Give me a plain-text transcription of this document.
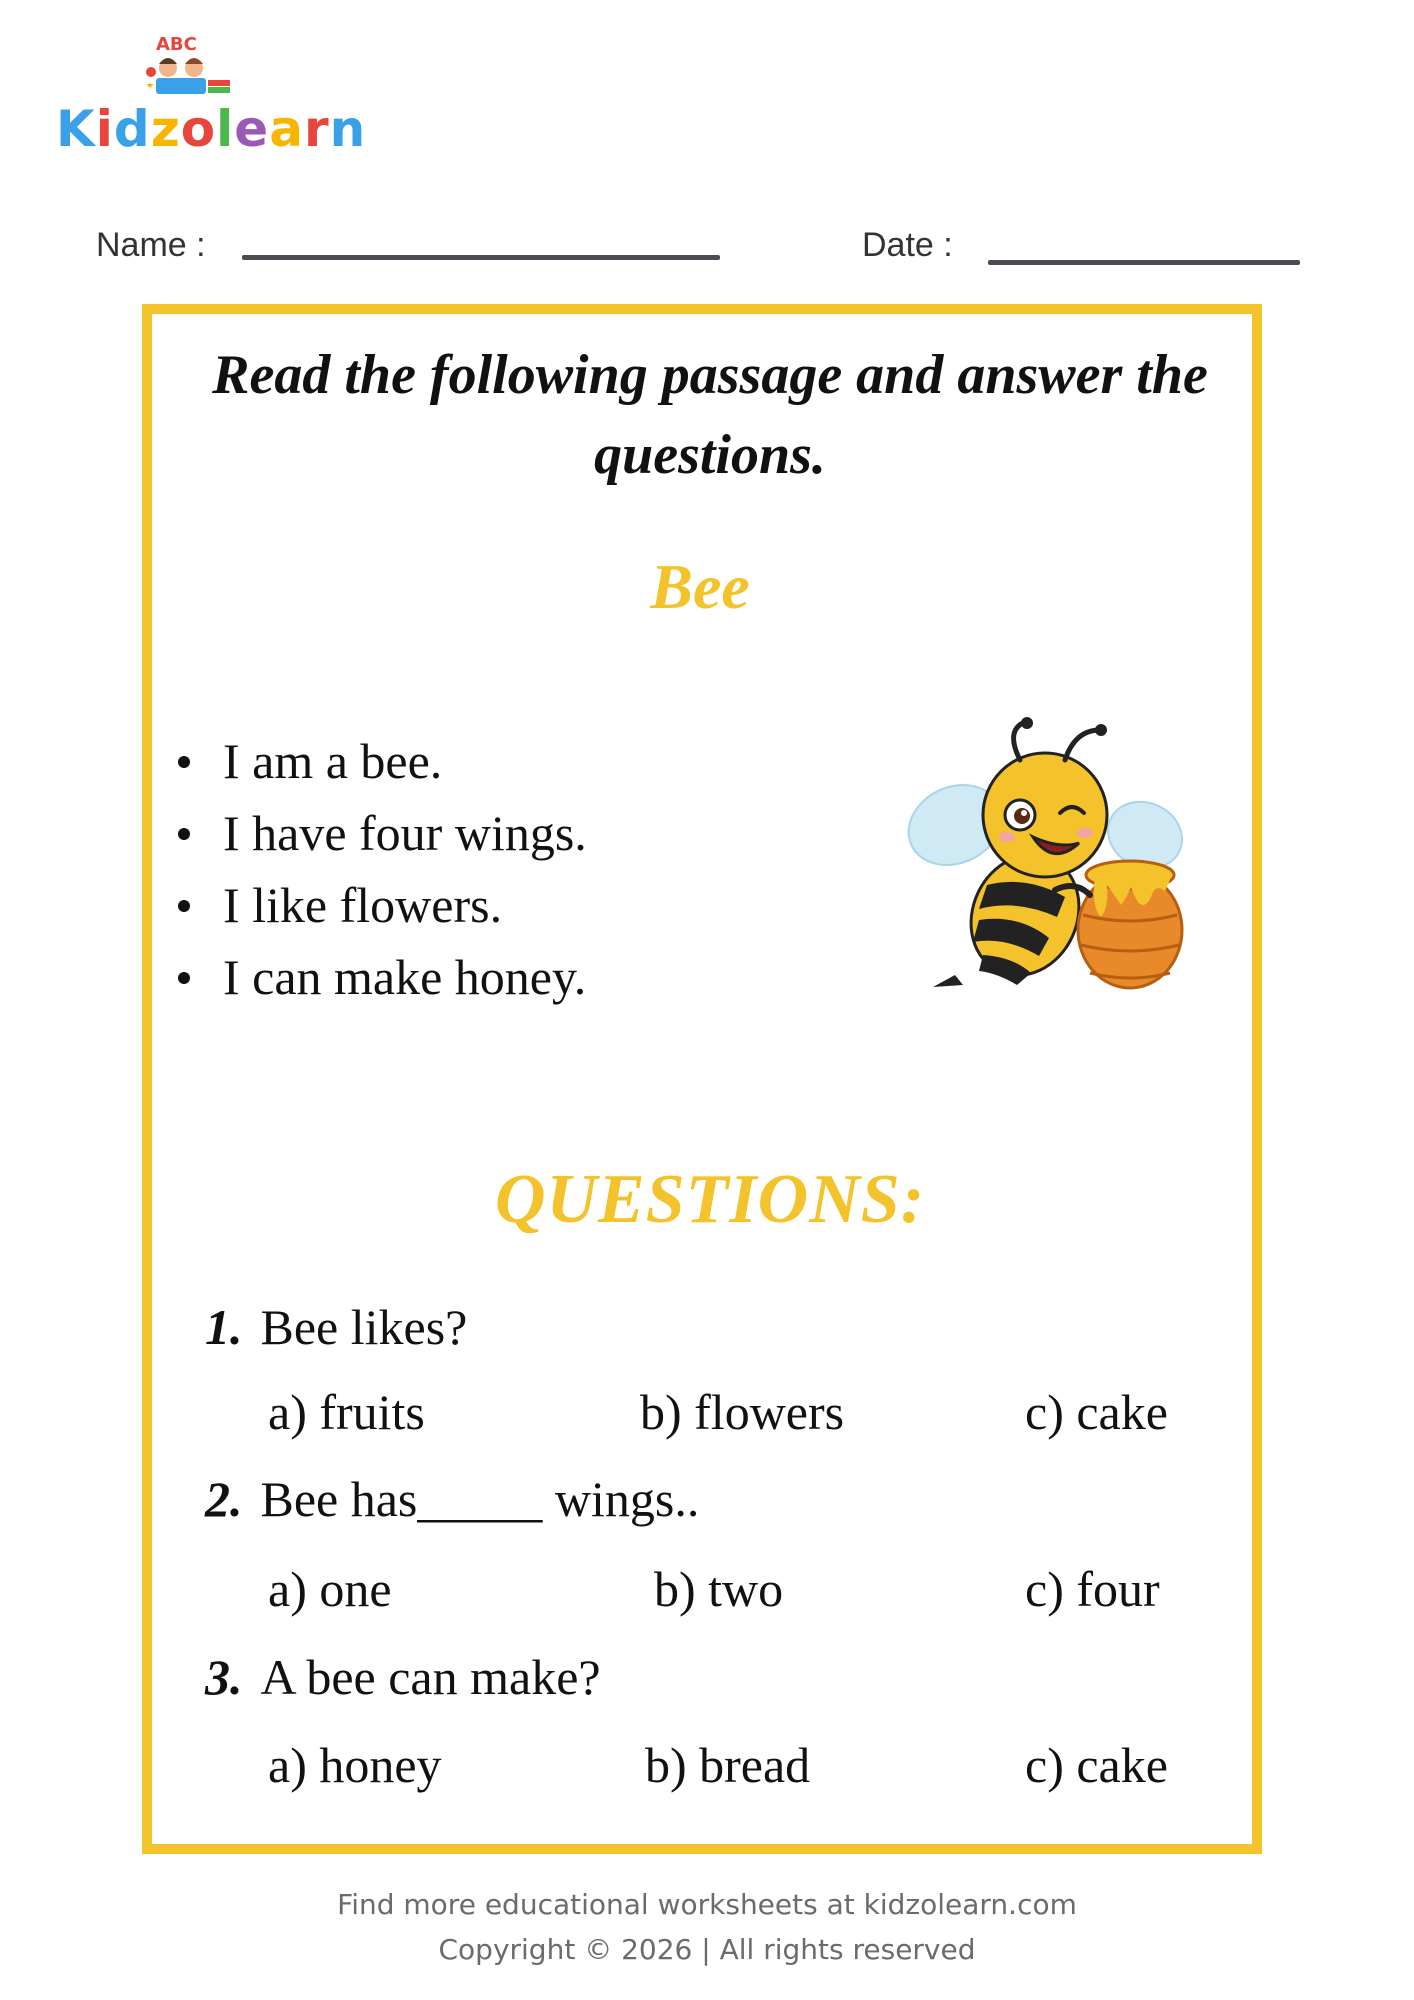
ABC
Kidzolearn
Name :	Date :
Read the following passage and answer the questions.
Bee
I am a bee.
I have four wings.
I like flowers.
I can make honey.
QUESTIONS:
1. Bee likes?
a) fruits	b) flowers	c) cake
2. Bee has_____ wings..
a) one	b) two	c) four
3. A bee can make?
a) honey	b) bread	c) cake
Find more educational worksheets at kidzolearn.com
Copyright © 2026 | All rights reserved
